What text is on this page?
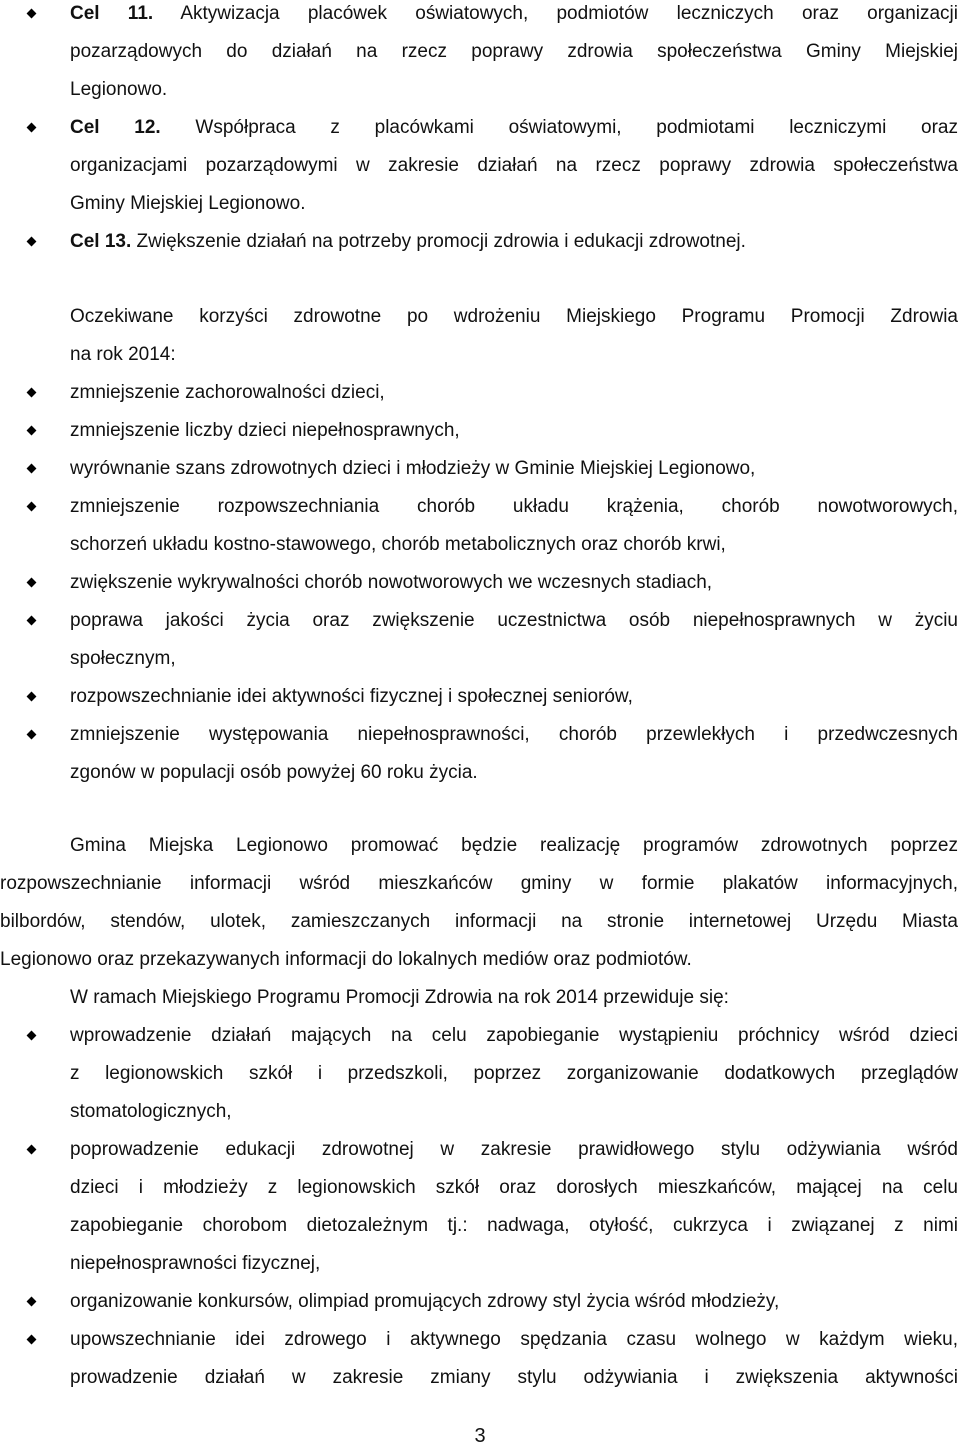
Cel 11. Aktywizacja placówek oświatowych, podmiotów leczniczych oraz organizacji

pozarządowych do działań na rzecz poprawy zdrowia społeczeństwa Gminy Miejskiej

Legionowo.

Cel 12. Współpraca z placówkami oświatowymi, podmiotami leczniczymi oraz

organizacjami pozarządowymi w zakresie działań na rzecz poprawy zdrowia społeczeństwa

Gminy Miejskiej Legionowo.

Cel 13. Zwiększenie działań na potrzeby promocji zdrowia i edukacji zdrowotnej.

Oczekiwane korzyści zdrowotne po wdrożeniu Miejskiego Programu Promocji Zdrowia

na rok 2014:

zmniejszenie zachorowalności dzieci,

zmniejszenie liczby dzieci niepełnosprawnych,

wyrównanie szans zdrowotnych dzieci i młodzieży w Gminie Miejskiej Legionowo,

zmniejszenie rozpowszechniania chorób układu krążenia, chorób nowotworowych,

schorzeń układu kostno-stawowego, chorób metabolicznych oraz chorób krwi,

zwiększenie wykrywalności chorób nowotworowych we wczesnych stadiach,

poprawa jakości życia oraz zwiększenie uczestnictwa osób niepełnosprawnych w życiu

społecznym,

rozpowszechnianie idei aktywności fizycznej i społecznej seniorów,

zmniejszenie występowania niepełnosprawności, chorób przewlekłych i przedwczesnych

zgonów w populacji osób powyżej 60 roku życia.

Gmina Miejska Legionowo promować będzie realizację programów zdrowotnych poprzez

rozpowszechnianie informacji wśród mieszkańców gminy w formie plakatów informacyjnych,

bilbordów, stendów, ulotek, zamieszczanych informacji na stronie internetowej Urzędu Miasta

Legionowo oraz przekazywanych informacji do lokalnych mediów oraz podmiotów.

W ramach Miejskiego Programu Promocji Zdrowia na rok 2014 przewiduje się:

wprowadzenie działań mających na celu zapobieganie wystąpieniu próchnicy wśród dzieci

z legionowskich szkół i przedszkoli, poprzez zorganizowanie dodatkowych przeglądów

stomatologicznych,

poprowadzenie edukacji zdrowotnej w zakresie prawidłowego stylu odżywiania wśród

dzieci i młodzieży z legionowskich szkół oraz dorosłych mieszkańców, mającej na celu

zapobieganie chorobom dietozależnym tj.: nadwaga, otyłość, cukrzyca i związanej z nimi

niepełnosprawności fizycznej,

organizowanie konkursów, olimpiad promujących zdrowy styl życia wśród młodzieży,

upowszechnianie idei zdrowego i aktywnego spędzania czasu wolnego w każdym wieku,

prowadzenie działań w zakresie zmiany stylu odżywiania i zwiększenia aktywności

3
